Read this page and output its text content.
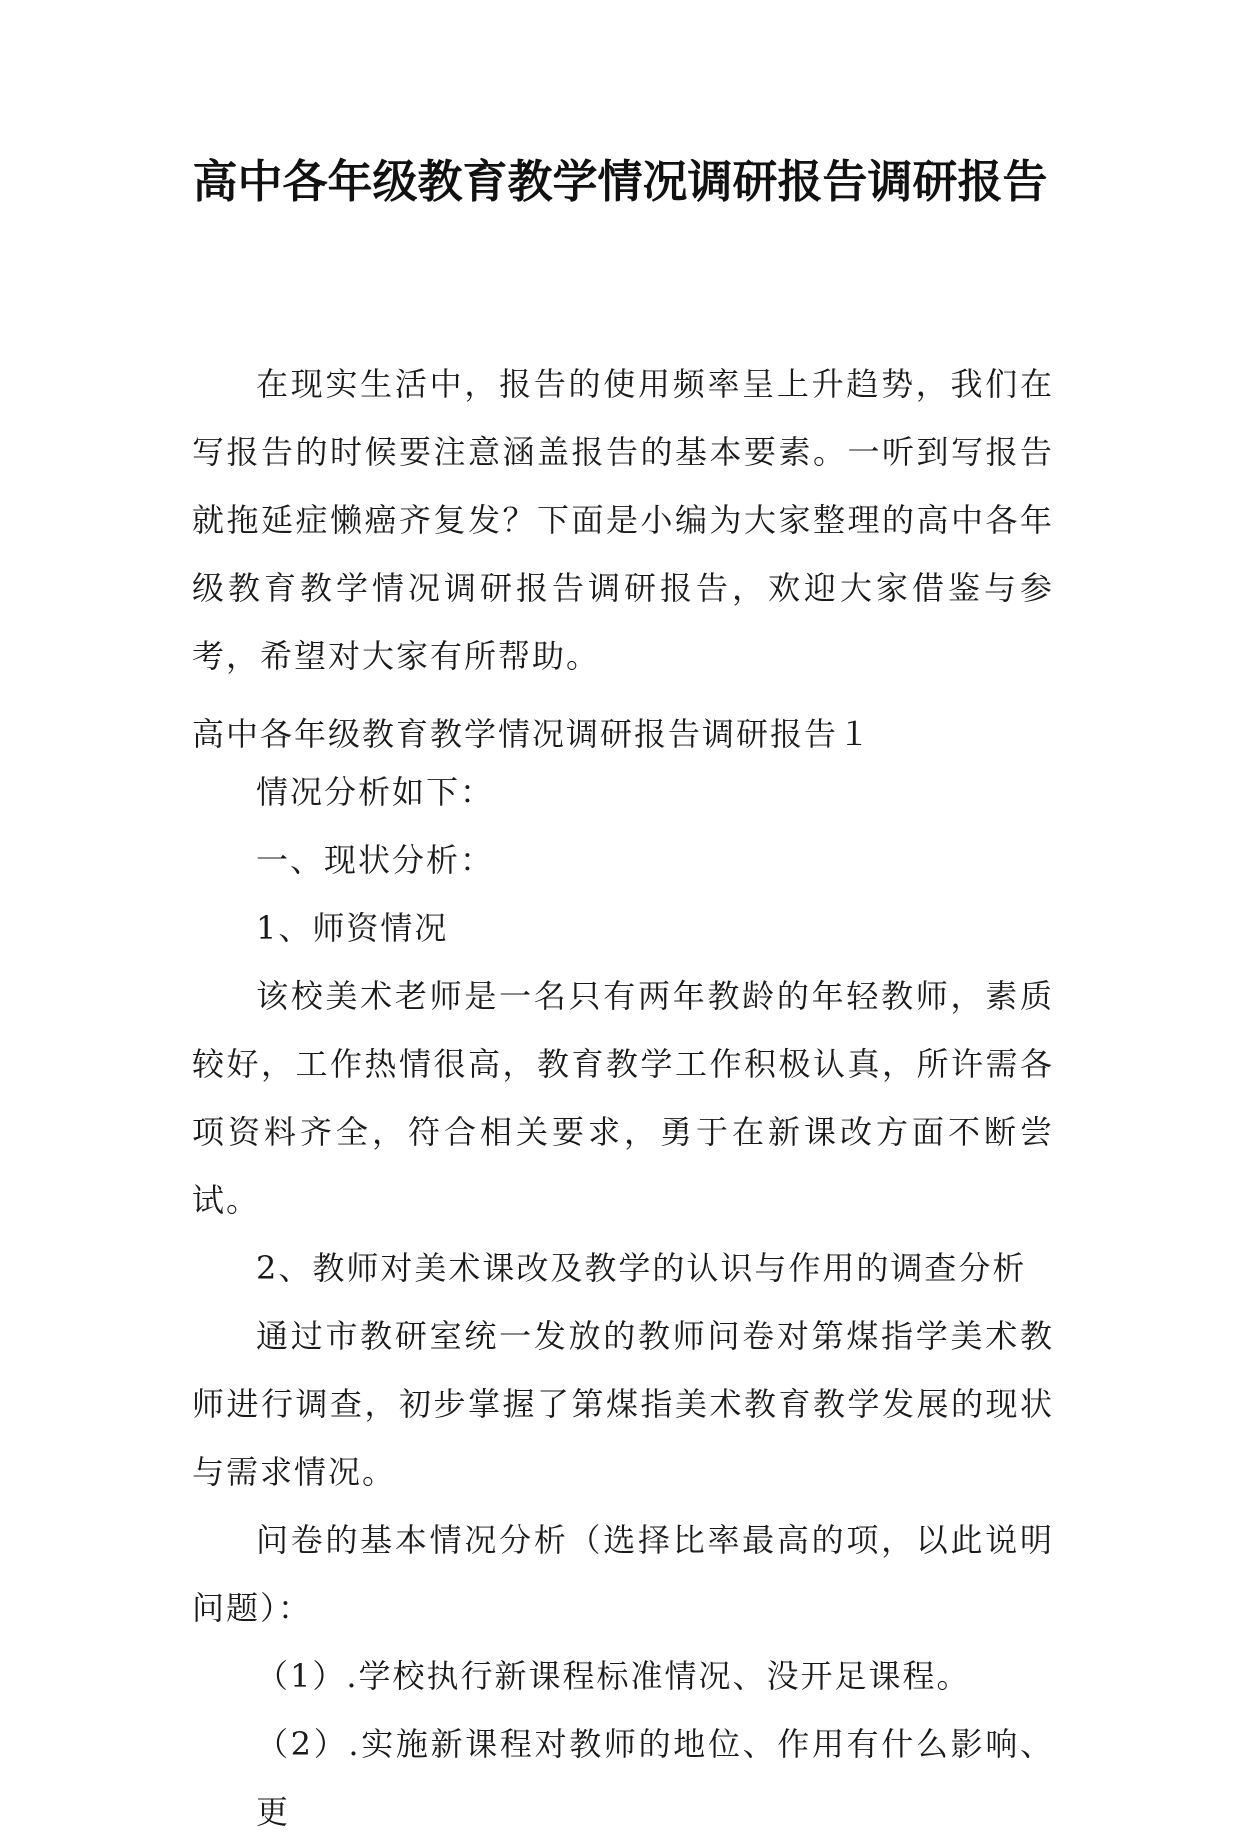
高中各年级教育教学情况调研报告调研报告

在现实生活中，报告的使用频率呈上升趋势，我们在写报告的时候要注意涵盖报告的基本要素。一听到写报告就拖延症懒癌齐复发？下面是小编为大家整理的高中各年级教育教学情况调研报告调研报告，欢迎大家借鉴与参考，希望对大家有所帮助。

高中各年级教育教学情况调研报告调研报告１

情况分析如下：

一、现状分析：

1、师资情况

该校美术老师是一名只有两年教龄的年轻教师，素质较好，工作热情很高，教育教学工作积极认真，所许需各项资料齐全，符合相关要求，勇于在新课改方面不断尝试。

2、教师对美术课改及教学的认识与作用的调查分析

通过市教研室统一发放的教师问卷对第煤指学美术教师进行调查，初步掌握了第煤指美术教育教学发展的现状与需求情况。

问卷的基本情况分析（选择比率最高的项，以此说明问题）：

（1）.学校执行新课程标准情况、没开足课程。

（2）.实施新课程对教师的地位、作用有什么影响、更
